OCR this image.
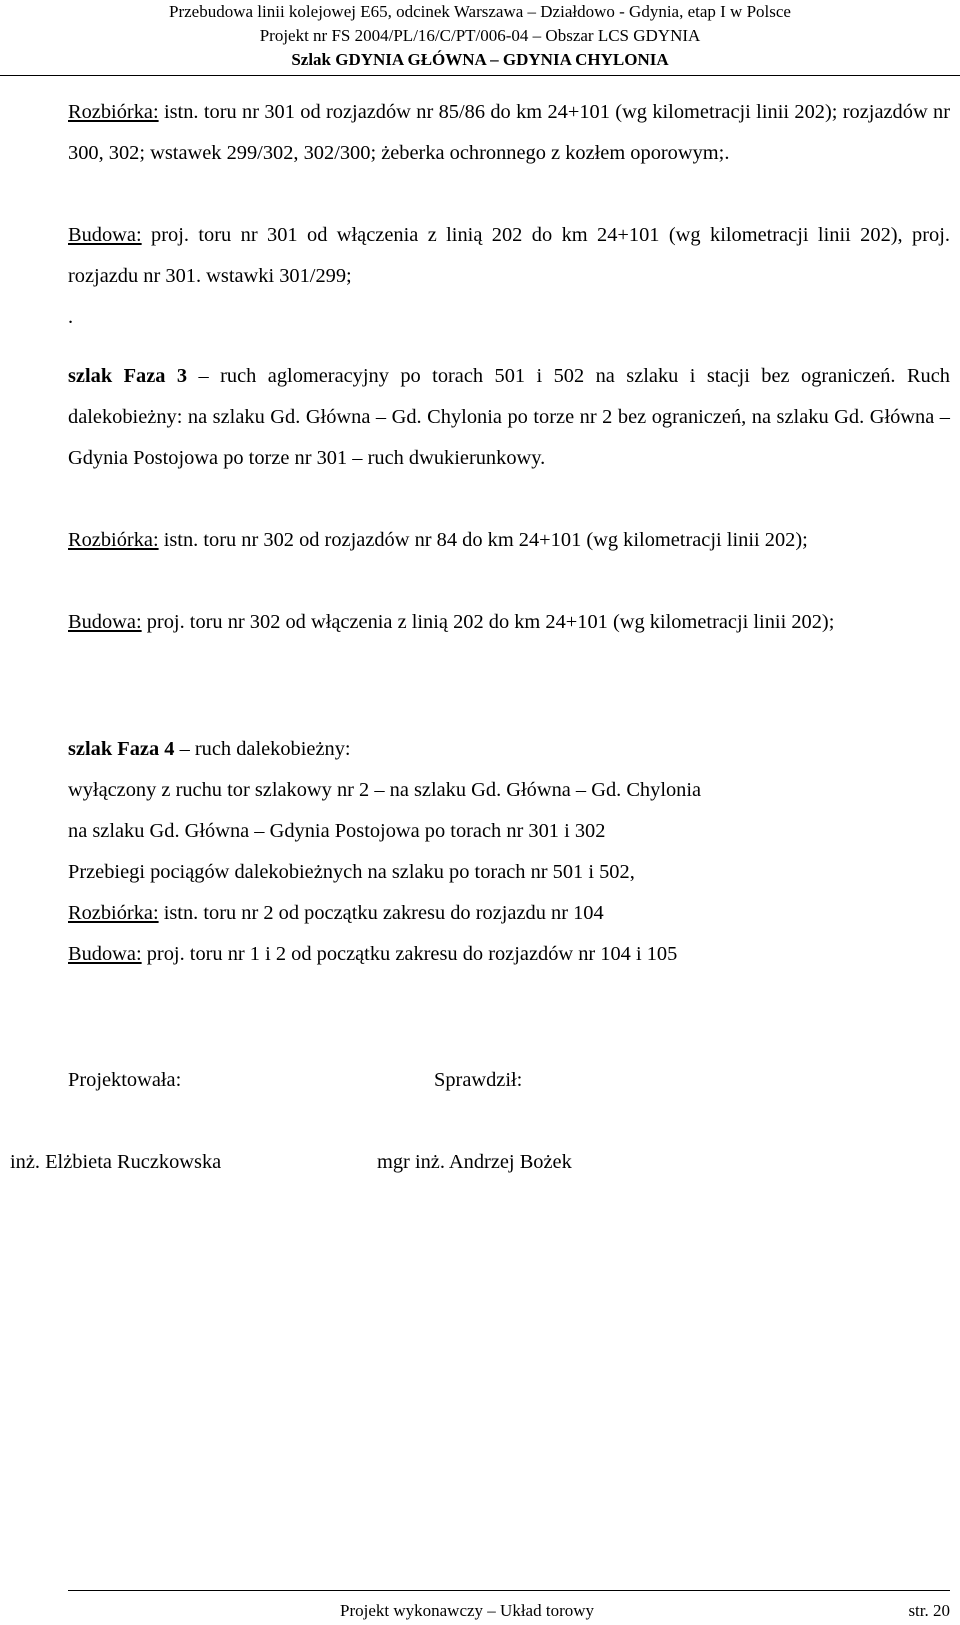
Przebudowa linii kolejowej E65, odcinek Warszawa – Działdowo - Gdynia, etap I w Polsce
Projekt nr FS 2004/PL/16/C/PT/006-04 – Obszar LCS GDYNIA
Szlak GDYNIA GŁÓWNA – GDYNIA CHYLONIA
Rozbiórka: istn. toru nr 301 od rozjazdów nr 85/86 do km 24+101 (wg kilometracji linii 202); rozjazdów nr 300, 302; wstawek 299/302, 302/300; żeberka ochronnego z kozłem oporowym;.
Budowa: proj. toru nr 301 od włączenia z linią 202 do km 24+101 (wg kilometracji linii 202), proj. rozjazdu nr 301. wstawki 301/299;
.
szlak Faza 3 – ruch aglomeracyjny po torach 501 i 502 na szlaku i stacji bez ograniczeń. Ruch dalekobieżny: na szlaku Gd. Główna – Gd. Chylonia po torze nr 2 bez ograniczeń, na szlaku Gd. Główna – Gdynia Postojowa po torze nr 301 – ruch dwukierunkowy.
Rozbiórka: istn. toru nr 302 od rozjazdów nr 84 do km 24+101 (wg kilometracji linii 202);
Budowa: proj. toru nr 302 od włączenia z linią 202 do km 24+101 (wg kilometracji linii 202);
szlak Faza 4 – ruch dalekobieżny:
wyłączony z ruchu tor szlakowy nr 2 – na szlaku Gd. Główna – Gd. Chylonia
na szlaku Gd. Główna – Gdynia Postojowa po torach nr 301 i 302
Przebiegi pociągów dalekobieżnych na szlaku po torach nr 501 i 502,
Rozbiórka: istn. toru nr 2 od początku zakresu do rozjazdu nr 104
Budowa: proj. toru nr 1 i 2 od początku zakresu do rozjazdów nr 104 i 105
Projektowała:	Sprawdził:
inż. Elżbieta Ruczkowska	mgr inż. Andrzej Bożek
Projekt wykonawczy – Układ torowy	str. 20
